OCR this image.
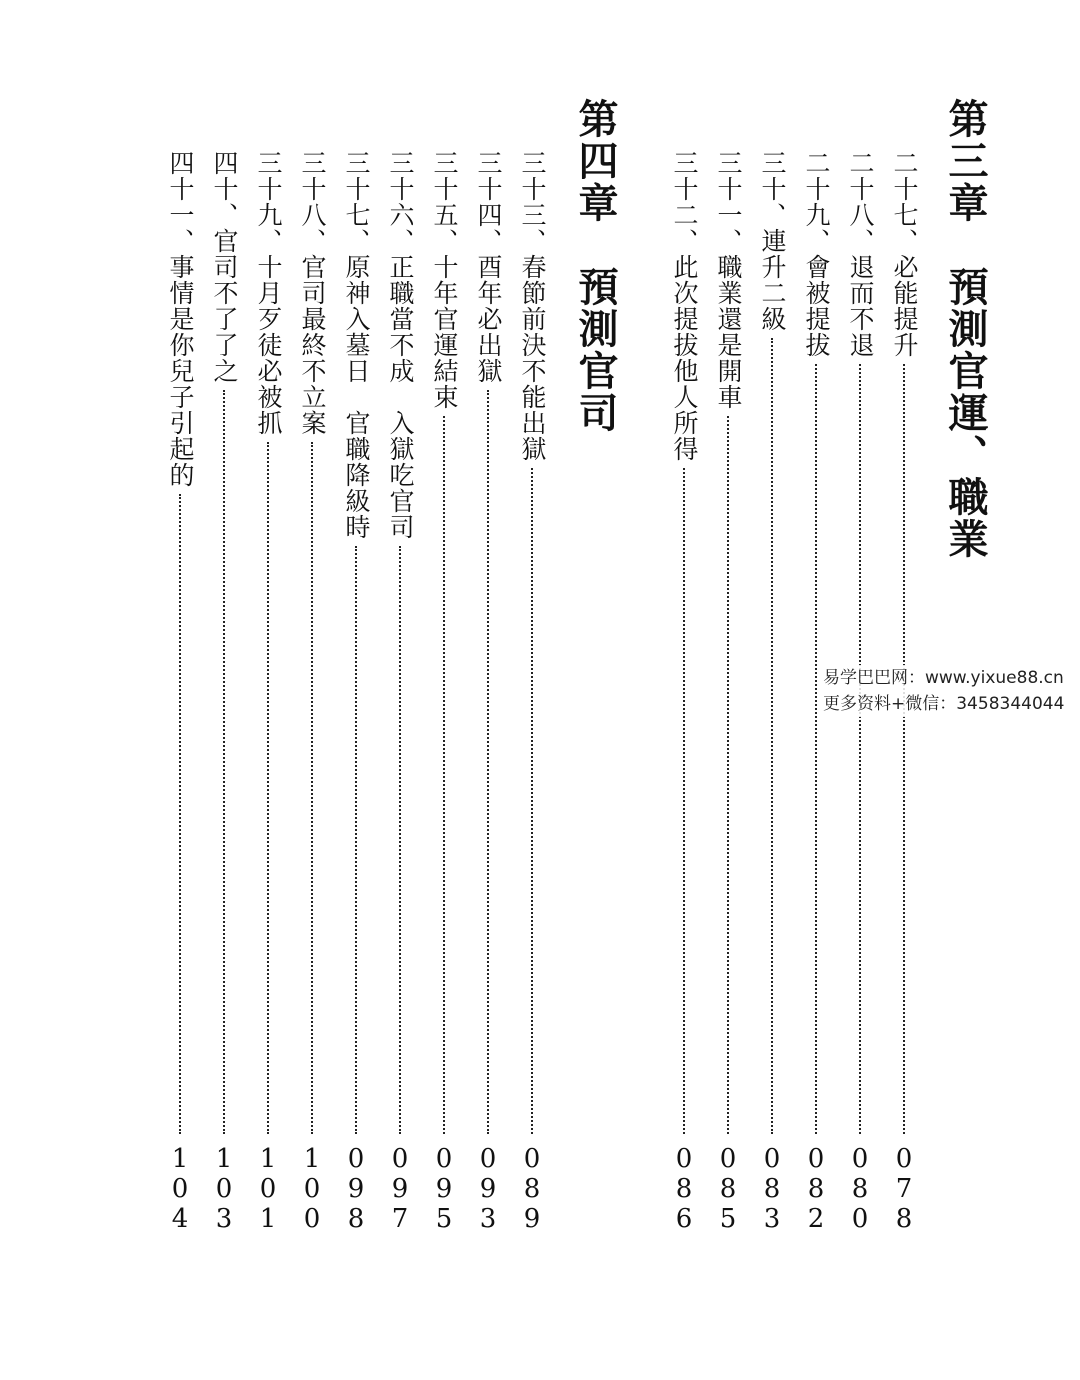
第三章　預測官運、職業
第四章　預測官司	二十七、必能提升
078
二十八、退而不退
080
二十九、會被提拔
082
三十、連升二級
083
三十一、職業還是開車
085
三十二、此次提拔他人所得
086
三十三、春節前決不能出獄
089
三十四、酉年必出獄
093
三十五、十年官運結束
095
三十六、正職當不成　入獄吃官司
097
三十七、原神入墓日　官職降級時
098
三十八、官司最終不立案
100
三十九、十月歹徒必被抓
101
四十、官司不了了之
103
四十一、事情是你兒子引起的
104
易学巴巴网：www.yixue88.cn
更多资料+微信：3458344044
